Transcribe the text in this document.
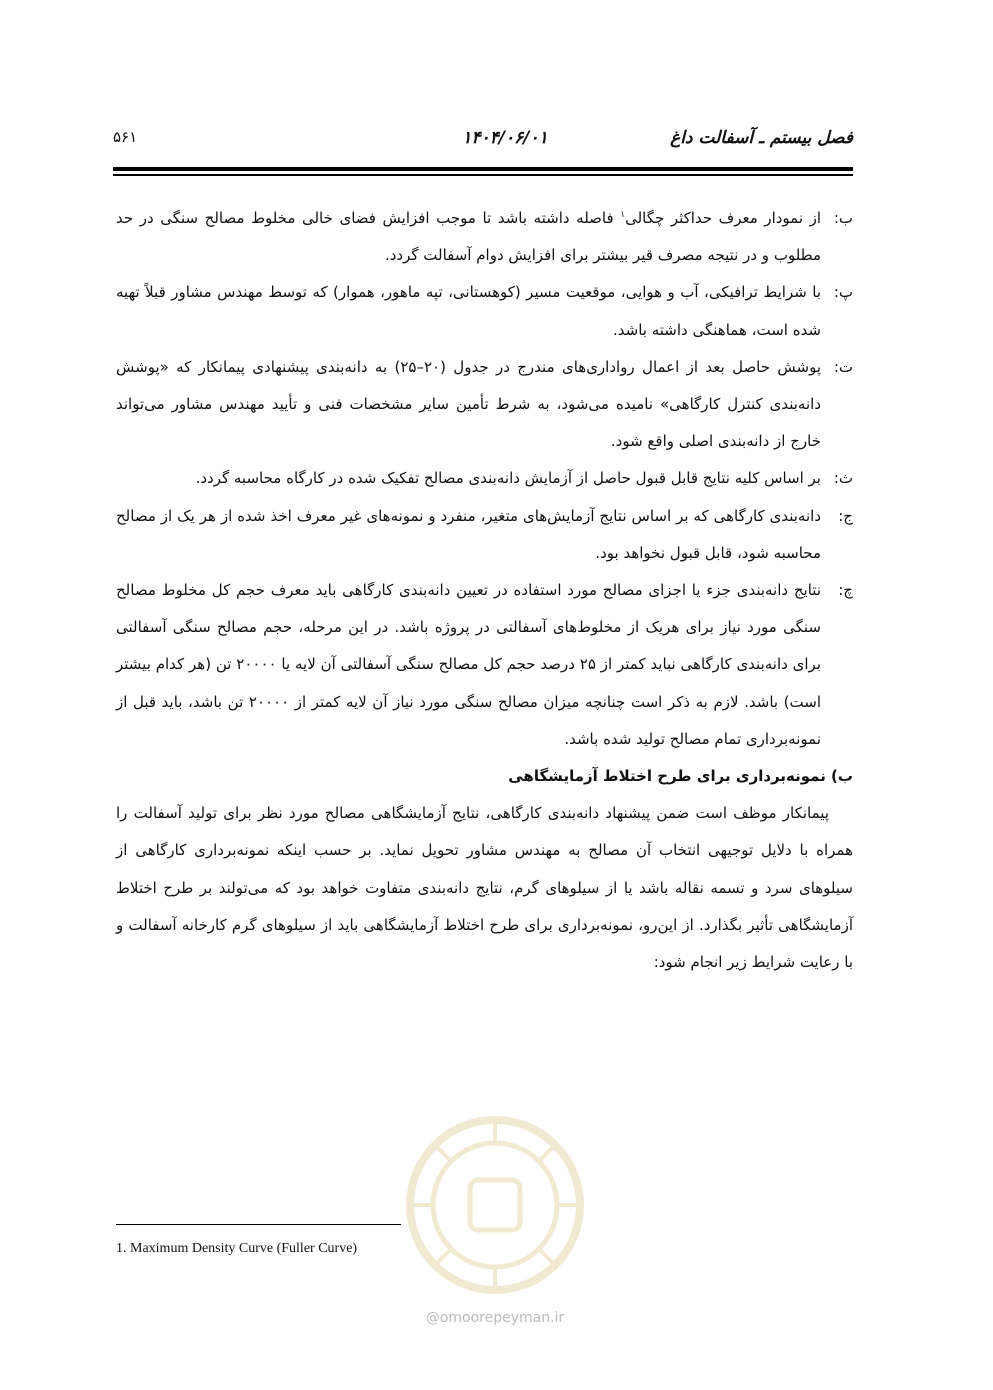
فصل بیستم ـ آسفالت داغ
۱۴۰۴/۰۶/۰۱
۵۶۱
ب:
از نمودار معرف حداکثر چگالی$^۱$ فاصله داشته باشد تا موجب افزایش فضای خالی مخلوط مصالح سنگی در حد مطلوب و در نتیجه مصرف قیر بیشتر برای افزایش دوام آسفالت گردد.
پ:
با شرایط ترافیکی، آب و هوایی، موقعیت مسیر (کوهستانی، تپه ماهور، هموار) که توسط مهندس مشاور قبلاً تهیه شده است، هماهنگی داشته باشد.
ت:
پوشش حاصل بعد از اعمال رواداری‌های مندرج در جدول (۲۰–۲۵) به دانه‌بندی پیشنهادی پیمانکار که «پوشش دانه‌بندی کنترل کارگاهی» نامیده می‌شود، به شرط تأمین سایر مشخصات فنی و تأیید مهندس مشاور می‌تواند خارج از دانه‌بندی اصلی واقع شود.
ث:
بر اساس کلیه نتایج قابل قبول حاصل از آزمایش دانه‌بندی مصالح تفکیک شده در کارگاه محاسبه گردد.
ج:
دانه‌بندی کارگاهی که بر اساس نتایج آزمایش‌های متغیر، منفرد و نمونه‌های غیر معرف اخذ شده از هر یک از مصالح محاسبه شود، قابل قبول نخواهد بود.
چ:
نتایج دانه‌بندی جزء یا اجزای مصالح مورد استفاده در تعیین دانه‌بندی کارگاهی باید معرف حجم کل مخلوط مصالح سنگی مورد نیاز برای هریک از مخلوط‌های آسفالتی در پروژه باشد. در این مرحله، حجم مصالح سنگی آسفالتی برای دانه‌بندی کارگاهی نباید کمتر از ۲۵ درصد حجم کل مصالح سنگی آسفالتی آن لایه یا ۲۰۰۰۰ تن (هر کدام بیشتر است) باشد. لازم به ذکر است چنانچه میزان مصالح سنگی مورد نیاز آن لایه کمتر از ۲۰۰۰۰ تن باشد، باید قبل از نمونه‌برداری تمام مصالح تولید شده باشد.
ب) نمونه‌برداری برای طرح اختلاط آزمایشگاهی
پیمانکار موظف است ضمن پیشنهاد دانه‌بندی کارگاهی، نتایج آزمایشگاهی مصالح مورد نظر برای تولید آسفالت را همراه با دلایل توجیهی انتخاب آن مصالح به مهندس مشاور تحویل نماید. بر حسب اینکه نمونه‌برداری کارگاهی از سیلوهای سرد و تسمه نقاله باشد یا از سیلوهای گرم، نتایج دانه‌بندی متفاوت خواهد بود که می‌تولند بر طرح اختلاط آزمایشگاهی تأثیر بگذارد. از این‌رو، نمونه‌برداری برای طرح اختلاط آزمایشگاهی باید از سیلوهای گرم کارخانه آسفالت و با رعایت شرایط زیر انجام شود:
1. Maximum Density Curve (Fuller Curve)
@omoorepeyman.ir
